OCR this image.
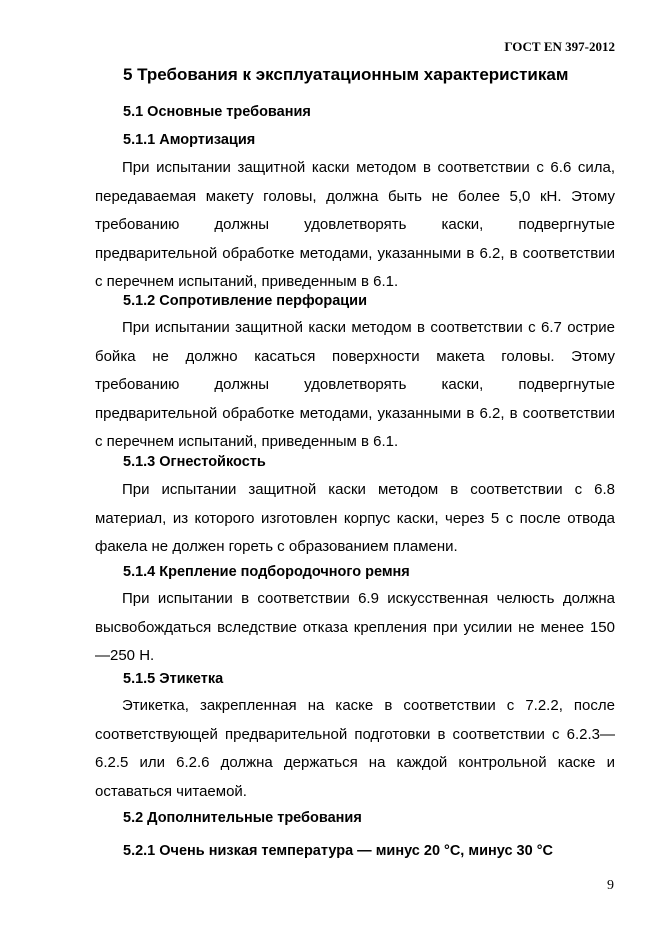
ГОСТ EN 397-2012
5 Требования к эксплуатационным характеристикам
5.1 Основные требования
5.1.1 Амортизация
При испытании защитной каски методом в соответствии с 6.6 сила, передаваемая макету головы, должна быть не более 5,0 кН. Этому требованию должны удовлетворять каски, подвергнутые предварительной обработке методами, указанными в 6.2, в соответствии с перечнем испытаний, приведенным в 6.1.
5.1.2 Сопротивление перфорации
При испытании защитной каски методом в соответствии с 6.7 острие бойка не должно касаться поверхности макета головы. Этому требованию должны удовлетворять каски, подвергнутые предварительной обработке методами, указанными в 6.2, в соответствии с перечнем испытаний, приведенным в 6.1.
5.1.3 Огнестойкость
При испытании защитной каски методом в соответствии с 6.8 материал, из которого изготовлен корпус каски, через 5 с после отвода факела не должен гореть с образованием пламени.
5.1.4 Крепление подбородочного ремня
При испытании в соответствии 6.9 искусственная челюсть должна высвобождаться вследствие отказа крепления при усилии не менее 150—250 Н.
5.1.5 Этикетка
Этикетка, закрепленная на каске в соответствии с 7.2.2, после соответствующей предварительной подготовки в соответствии с 6.2.3—6.2.5 или 6.2.6 должна держаться на каждой контрольной каске и оставаться читаемой.
5.2 Дополнительные требования
5.2.1 Очень низкая температура — минус 20 °С, минус 30 °С
9
